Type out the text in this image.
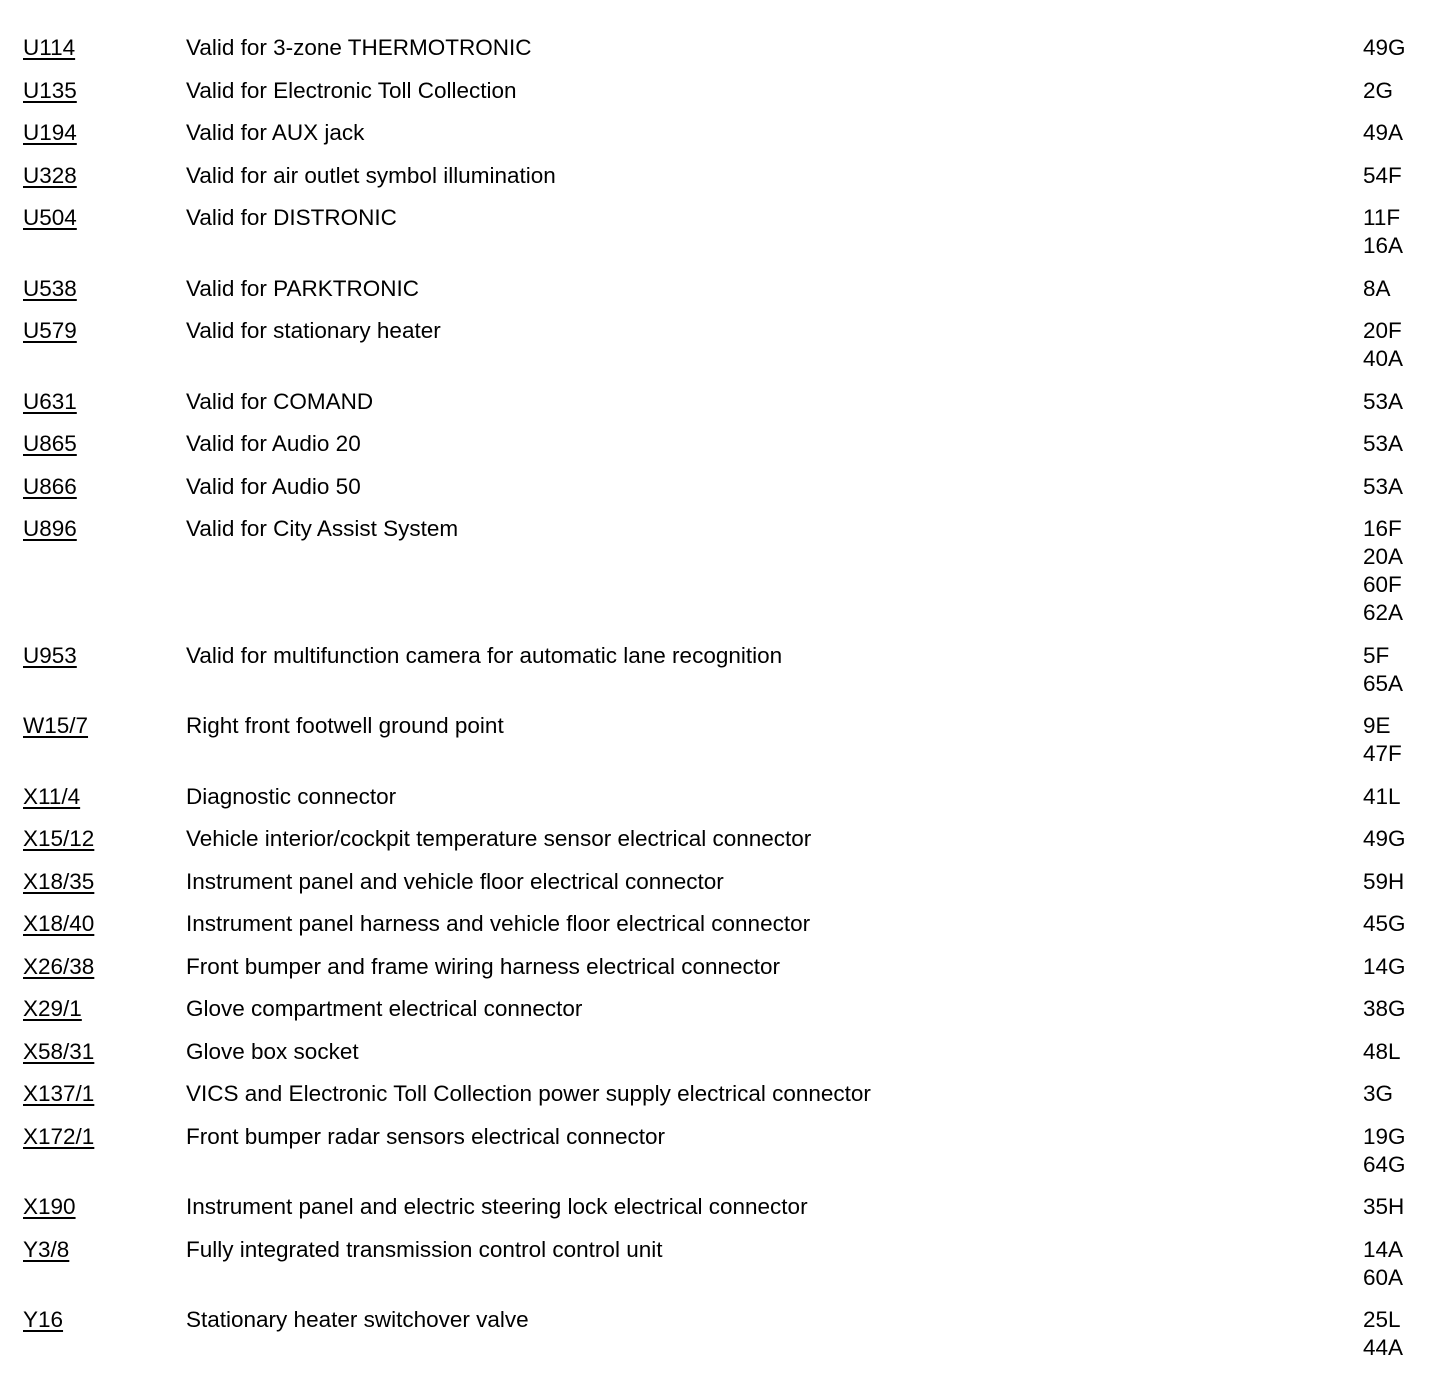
U114	Valid for 3-zone THERMOTRONIC	49G
U135	Valid for Electronic Toll Collection	2G
U194	Valid for AUX jack	49A
U328	Valid for air outlet symbol illumination	54F
U504	Valid for DISTRONIC	11F
16A
U538	Valid for PARKTRONIC	8A
U579	Valid for stationary heater	20F
40A
U631	Valid for COMAND	53A
U865	Valid for Audio 20	53A
U866	Valid for Audio 50	53A
U896	Valid for City Assist System	16F
20A
60F
62A
U953	Valid for multifunction camera for automatic lane recognition	5F
65A
W15/7	Right front footwell ground point	9E
47F
X11/4	Diagnostic connector	41L
X15/12	Vehicle interior/cockpit temperature sensor electrical connector	49G
X18/35	Instrument panel and vehicle floor electrical connector	59H
X18/40	Instrument panel harness and vehicle floor electrical connector	45G
X26/38	Front bumper and frame wiring harness electrical connector	14G
X29/1	Glove compartment electrical connector	38G
X58/31	Glove box socket	48L
X137/1	VICS and Electronic Toll Collection power supply electrical connector	3G
X172/1	Front bumper radar sensors electrical connector	19G
64G
X190	Instrument panel and electric steering lock electrical connector	35H
Y3/8	Fully integrated transmission control control unit	14A
60A
Y16	Stationary heater switchover valve	25L
44A
